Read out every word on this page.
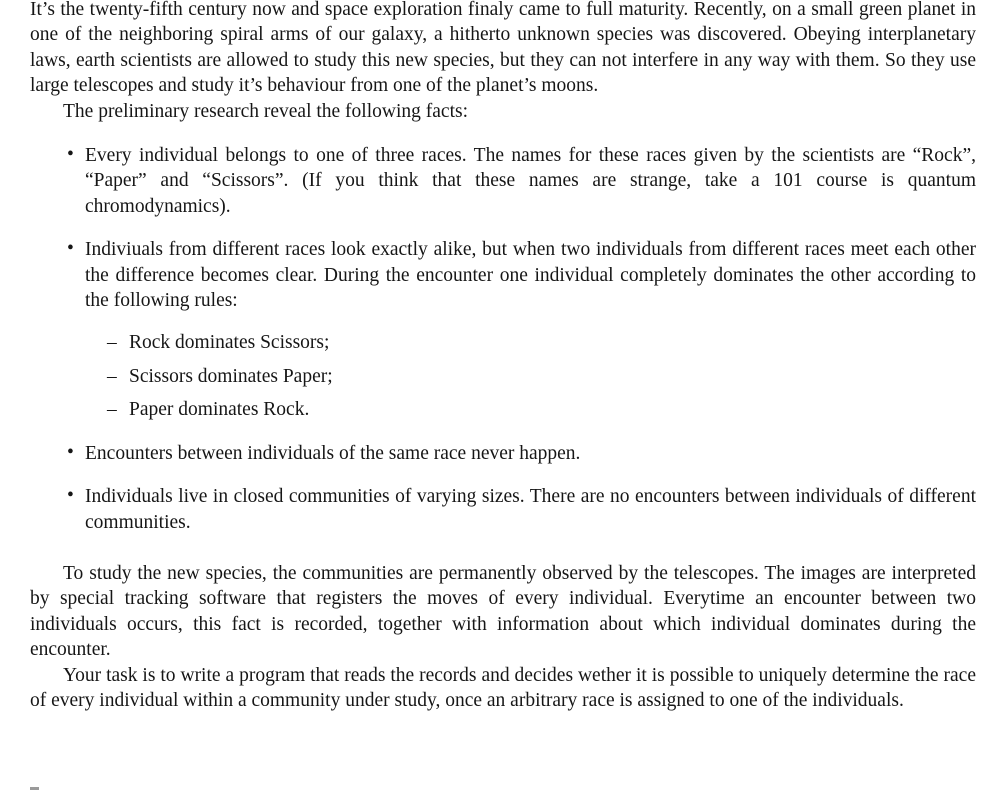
It’s the twenty-fifth century now and space exploration finaly came to full maturity. Recently, on a small green planet in one of the neighboring spiral arms of our galaxy, a hitherto unknown species was discovered. Obeying interplanetary laws, earth scientists are allowed to study this new species, but they can not interfere in any way with them. So they use large telescopes and study it’s behaviour from one of the planet’s moons.

The preliminary research reveal the following facts:

• Every individual belongs to one of three races. The names for these races given by the scientists are “Rock”, “Paper” and “Scissors”. (If you think that these names are strange, take a 101 course is quantum chromodynamics).
• Indiviuals from different races look exactly alike, but when two individuals from different races meet each other the difference becomes clear. During the encounter one individual completely dominates the other according to the following rules:
– Rock dominates Scissors;
– Scissors dominates Paper;
– Paper dominates Rock.
• Encounters between individuals of the same race never happen.
• Individuals live in closed communities of varying sizes. There are no encounters between individuals of different communities.

To study the new species, the communities are permanently observed by the telescopes. The images are interpreted by special tracking software that registers the moves of every individual. Everytime an encounter between two individuals occurs, this fact is recorded, together with information about which individual dominates during the encounter.

Your task is to write a program that reads the records and decides wether it is possible to uniquely determine the race of every individual within a community under study, once an arbitrary race is assigned to one of the individuals.
